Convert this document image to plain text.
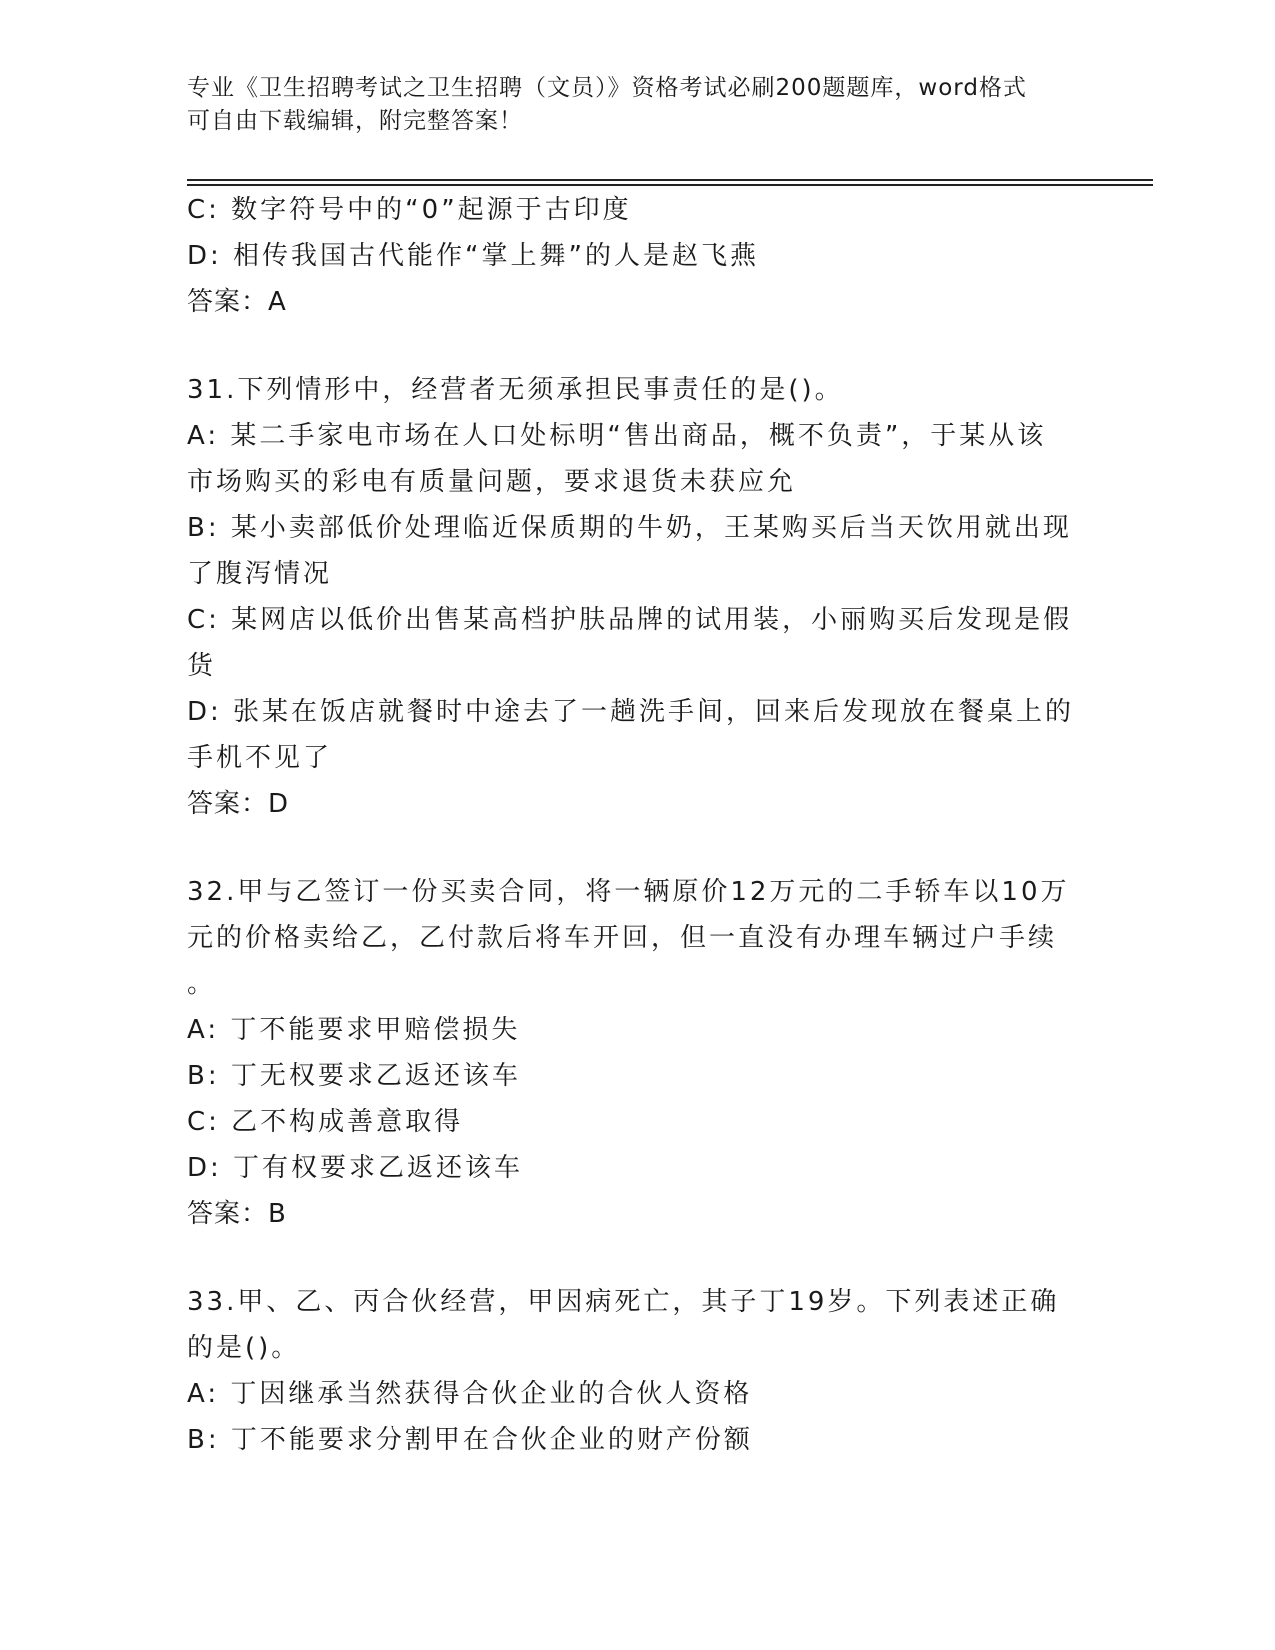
专业《卫生招聘考试之卫生招聘（文员）》资格考试必刷200题题库，word格式
可自由下载编辑，附完整答案！
C: 数字符号中的“0”起源于古印度
D: 相传我国古代能作“掌上舞”的人是赵飞燕
答案：A
31.下列情形中，经营者无须承担民事责任的是()。
A: 某二手家电市场在人口处标明“售出商品，概不负责”，于某从该
市场购买的彩电有质量问题，要求退货未获应允
B: 某小卖部低价处理临近保质期的牛奶，王某购买后当天饮用就出现
了腹泻情况
C: 某网店以低价出售某高档护肤品牌的试用装，小丽购买后发现是假
货
D: 张某在饭店就餐时中途去了一趟洗手间，回来后发现放在餐桌上的
手机不见了
答案：D
32.甲与乙签订一份买卖合同，将一辆原价12万元的二手轿车以10万
元的价格卖给乙，乙付款后将车开回，但一直没有办理车辆过户手续
。
A: 丁不能要求甲赔偿损失
B: 丁无权要求乙返还该车
C: 乙不构成善意取得
D: 丁有权要求乙返还该车
答案：B
33.甲、乙、丙合伙经营，甲因病死亡，其子丁19岁。下列表述正确
的是()。
A: 丁因继承当然获得合伙企业的合伙人资格
B: 丁不能要求分割甲在合伙企业的财产份额
